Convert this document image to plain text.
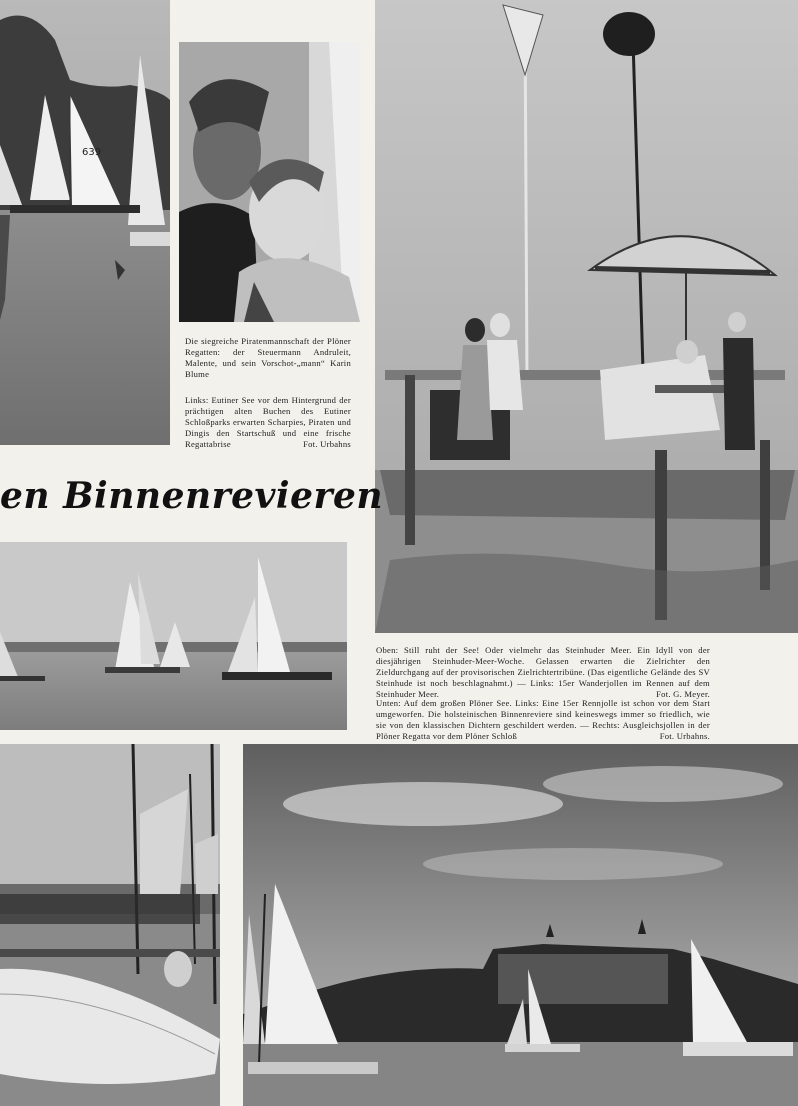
639
Die siegreiche Piratenmannschaft der Plöner Regatten: der Steuermann Andruleit, Malente, und sein Vorschot-„mann“ Karin Blume
Links: Eutiner See vor dem Hintergrund der prächtigen alten Buchen des Eutiner Schloßparks erwarten Scharpies, Piraten und Dingis den Startschuß und eine frische Regattabrise	Fot. Urbahns
en Binnenrevieren
Oben: Still ruht der See! Oder vielmehr das Steinhuder Meer. Ein Idyll von der diesjährigen Steinhuder-Meer-Woche. Gelassen erwarten die Zielrichter den Zieldurchgang auf der provisorischen Zielrichtertribüne. (Das eigentliche Gelände des SV Steinhude ist noch beschlagnahmt.) — Links: 15er Wanderjollen im Rennen auf dem Steinhuder Meer.	Fot. G. Meyer.
Unten: Auf dem großen Plöner See. Links: Eine 15er Rennjolle ist schon vor dem Start umgeworfen. Die holsteinischen Binnenreviere sind keineswegs immer so friedlich, wie sie von den klassischen Dichtern geschildert werden. — Rechts: Ausgleichsjollen in der Plöner Regatta vor dem Plöner Schloß	Fot. Urbahns.
